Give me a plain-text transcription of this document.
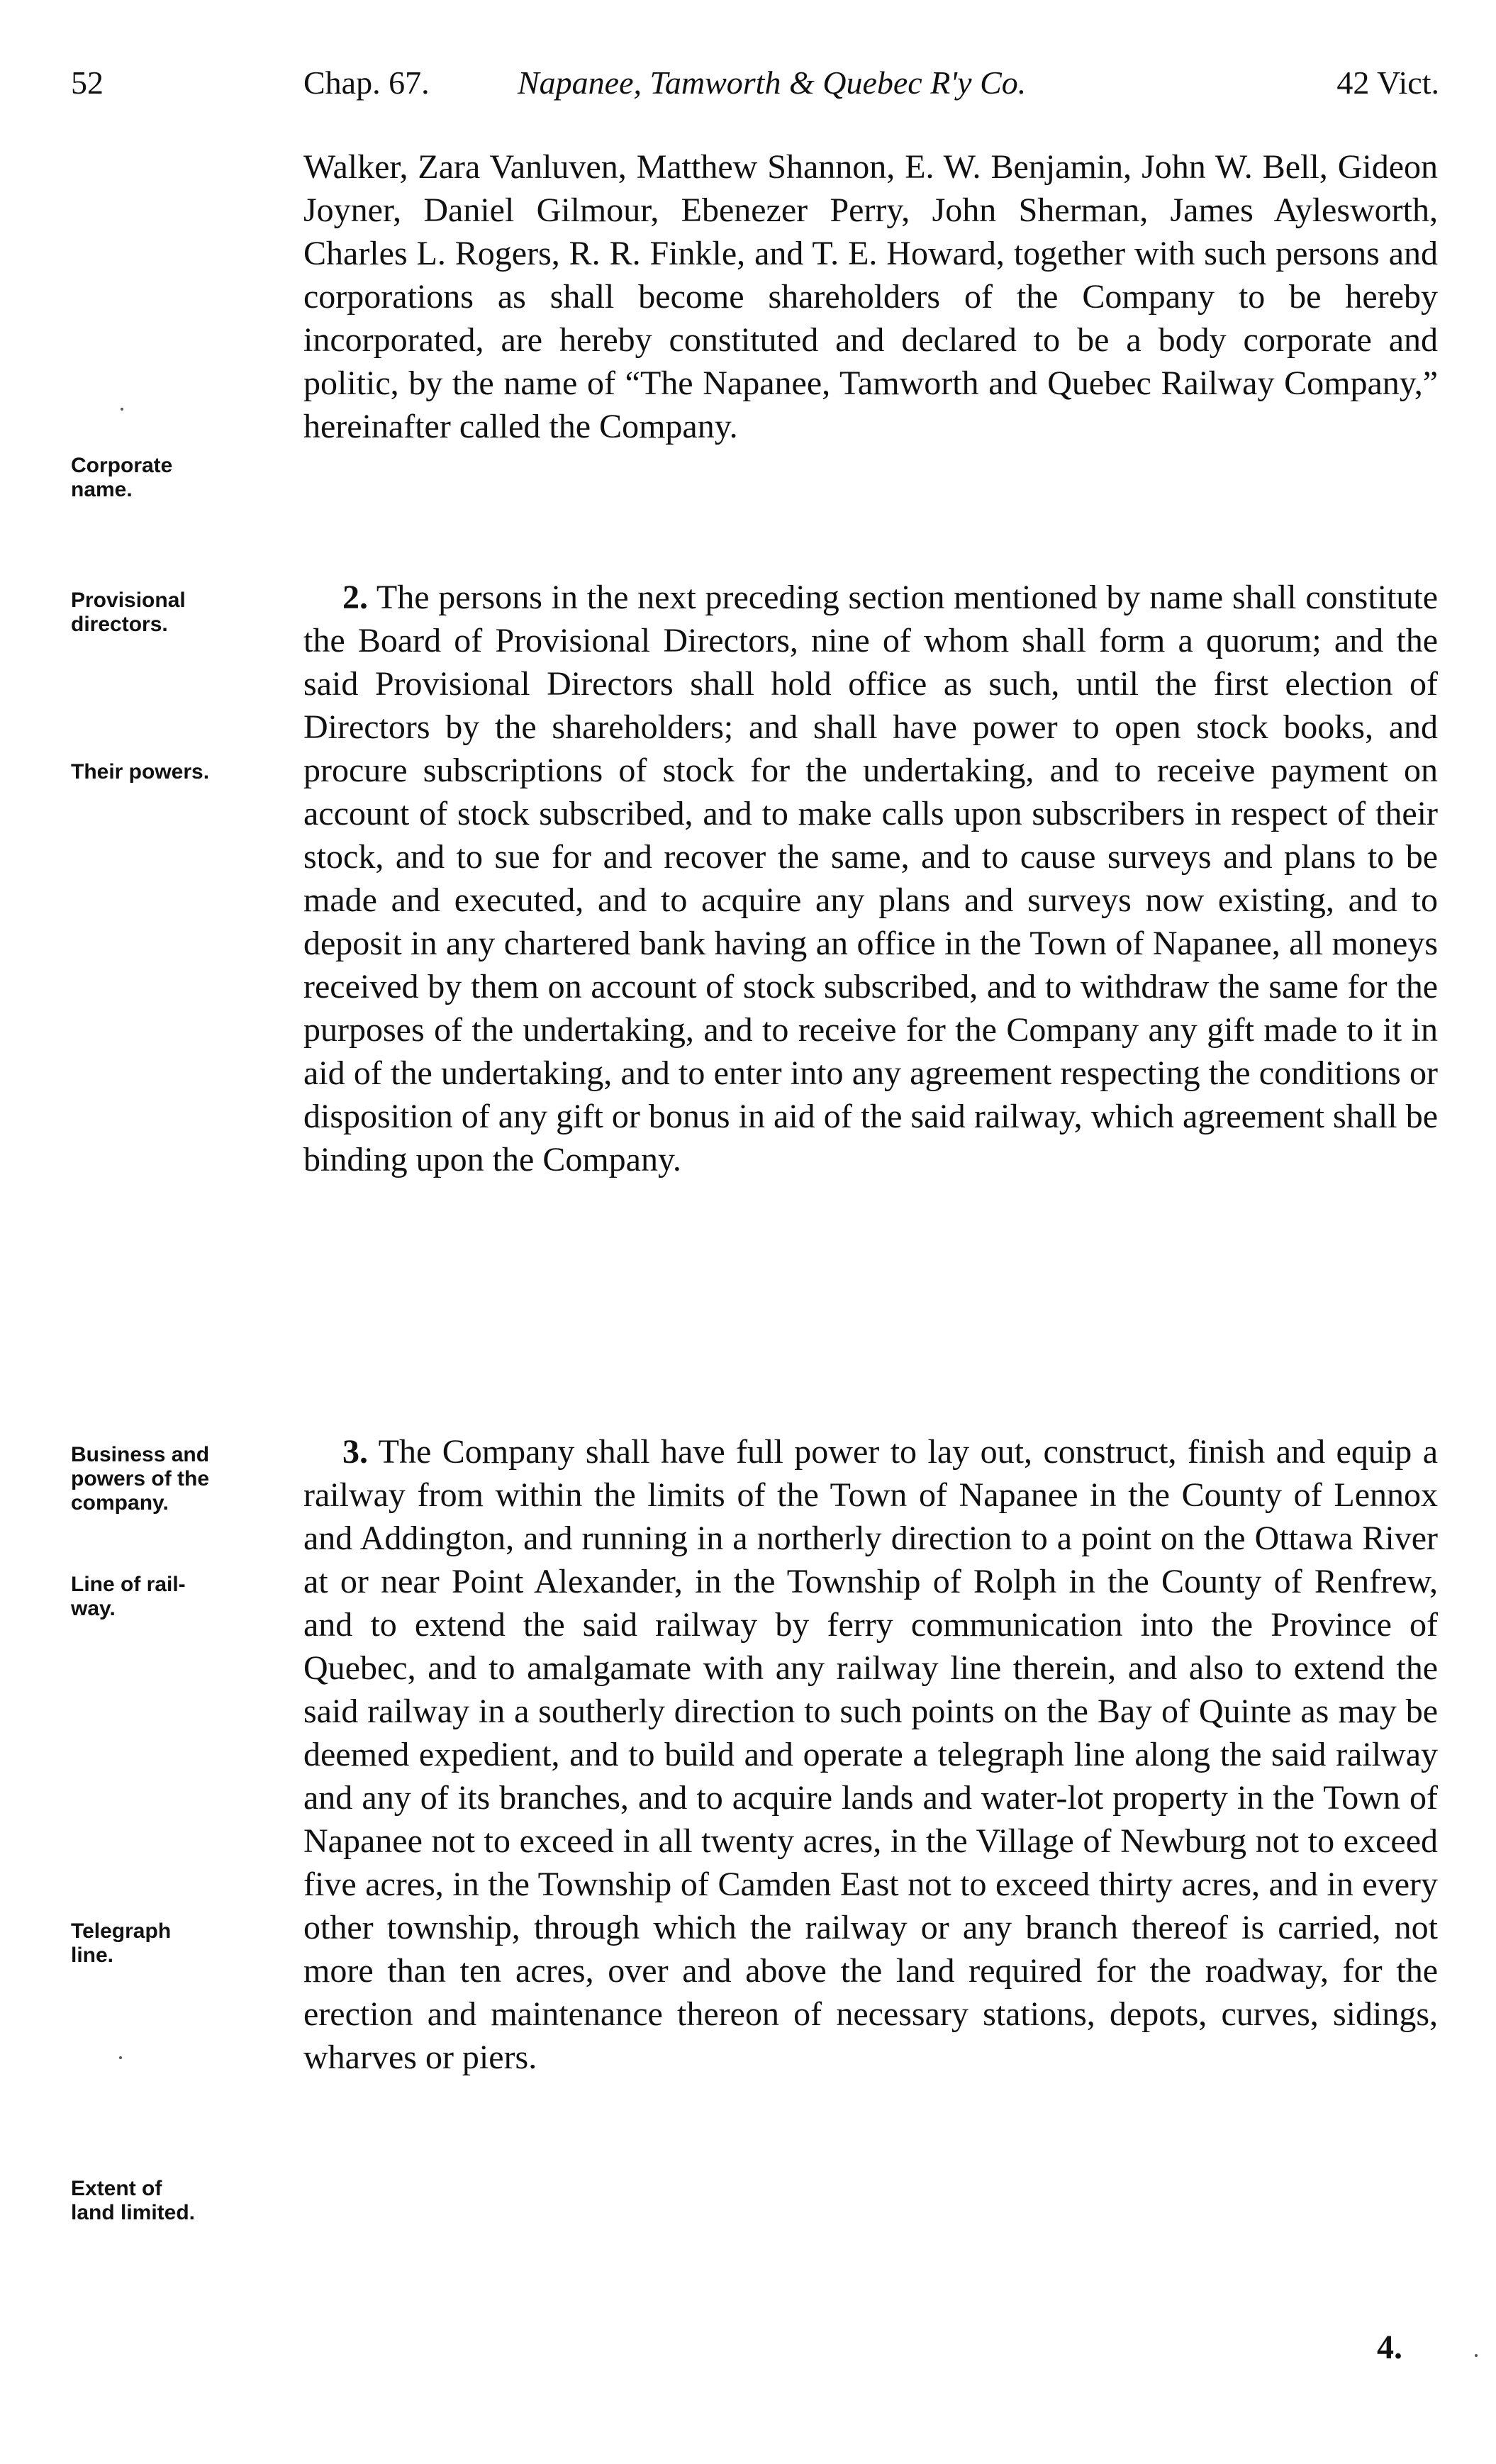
52	Chap. 67.	Napanee, Tamworth & Quebec R'y Co.	42 Vict.
Corporate
name.
Provisional
directors.
Their powers.
Business and
powers of the
company.
Line of rail-
way.
Telegraph
line.
Extent of
land limited.

Walker, Zara Vanluven, Matthew Shannon, E. W. Benjamin, John W. Bell, Gideon Joyner, Daniel Gilmour, Ebenezer Perry, John Sherman, James Aylesworth, Charles L. Rogers, R. R. Finkle, and T. E. Howard, together with such persons and corporations as shall become shareholders of the Company to be hereby incorporated, are hereby constituted and declared to be a body corporate and politic, by the name of “The Napanee, Tamworth and Quebec Railway Company,” hereinafter called the Company.

2. The persons in the next preceding section mentioned by name shall constitute the Board of Provisional Directors, nine of whom shall form a quorum; and the said Provisional Directors shall hold office as such, until the first election of Directors by the shareholders; and shall have power to open stock books, and procure subscriptions of stock for the undertaking, and to receive payment on account of stock subscribed, and to make calls upon subscribers in respect of their stock, and to sue for and recover the same, and to cause surveys and plans to be made and executed, and to acquire any plans and surveys now existing, and to deposit in any chartered bank having an office in the Town of Napanee, all moneys received by them on account of stock subscribed, and to withdraw the same for the purposes of the undertaking, and to receive for the Company any gift made to it in aid of the undertaking, and to enter into any agreement respecting the conditions or disposition of any gift or bonus in aid of the said railway, which agreement shall be binding upon the Company.

3. The Company shall have full power to lay out, construct, finish and equip a railway from within the limits of the Town of Napanee in the County of Lennox and Addington, and running in a northerly direction to a point on the Ottawa River at or near Point Alexander, in the Township of Rolph in the County of Renfrew, and to extend the said railway by ferry communication into the Province of Quebec, and to amalgamate with any railway line therein, and also to extend the said railway in a southerly direction to such points on the Bay of Quinte as may be deemed expedient, and to build and operate a telegraph line along the said railway and any of its branches, and to acquire lands and water-lot property in the Town of Napanee not to exceed in all twenty acres, in the Village of Newburg not to exceed five acres, in the Township of Camden East not to exceed thirty acres, and in every other township, through which the railway or any branch thereof is carried, not more than ten acres, over and above the land required for the roadway, for the erection and maintenance thereon of necessary stations, depots, curves, sidings, wharves or piers.

4.
